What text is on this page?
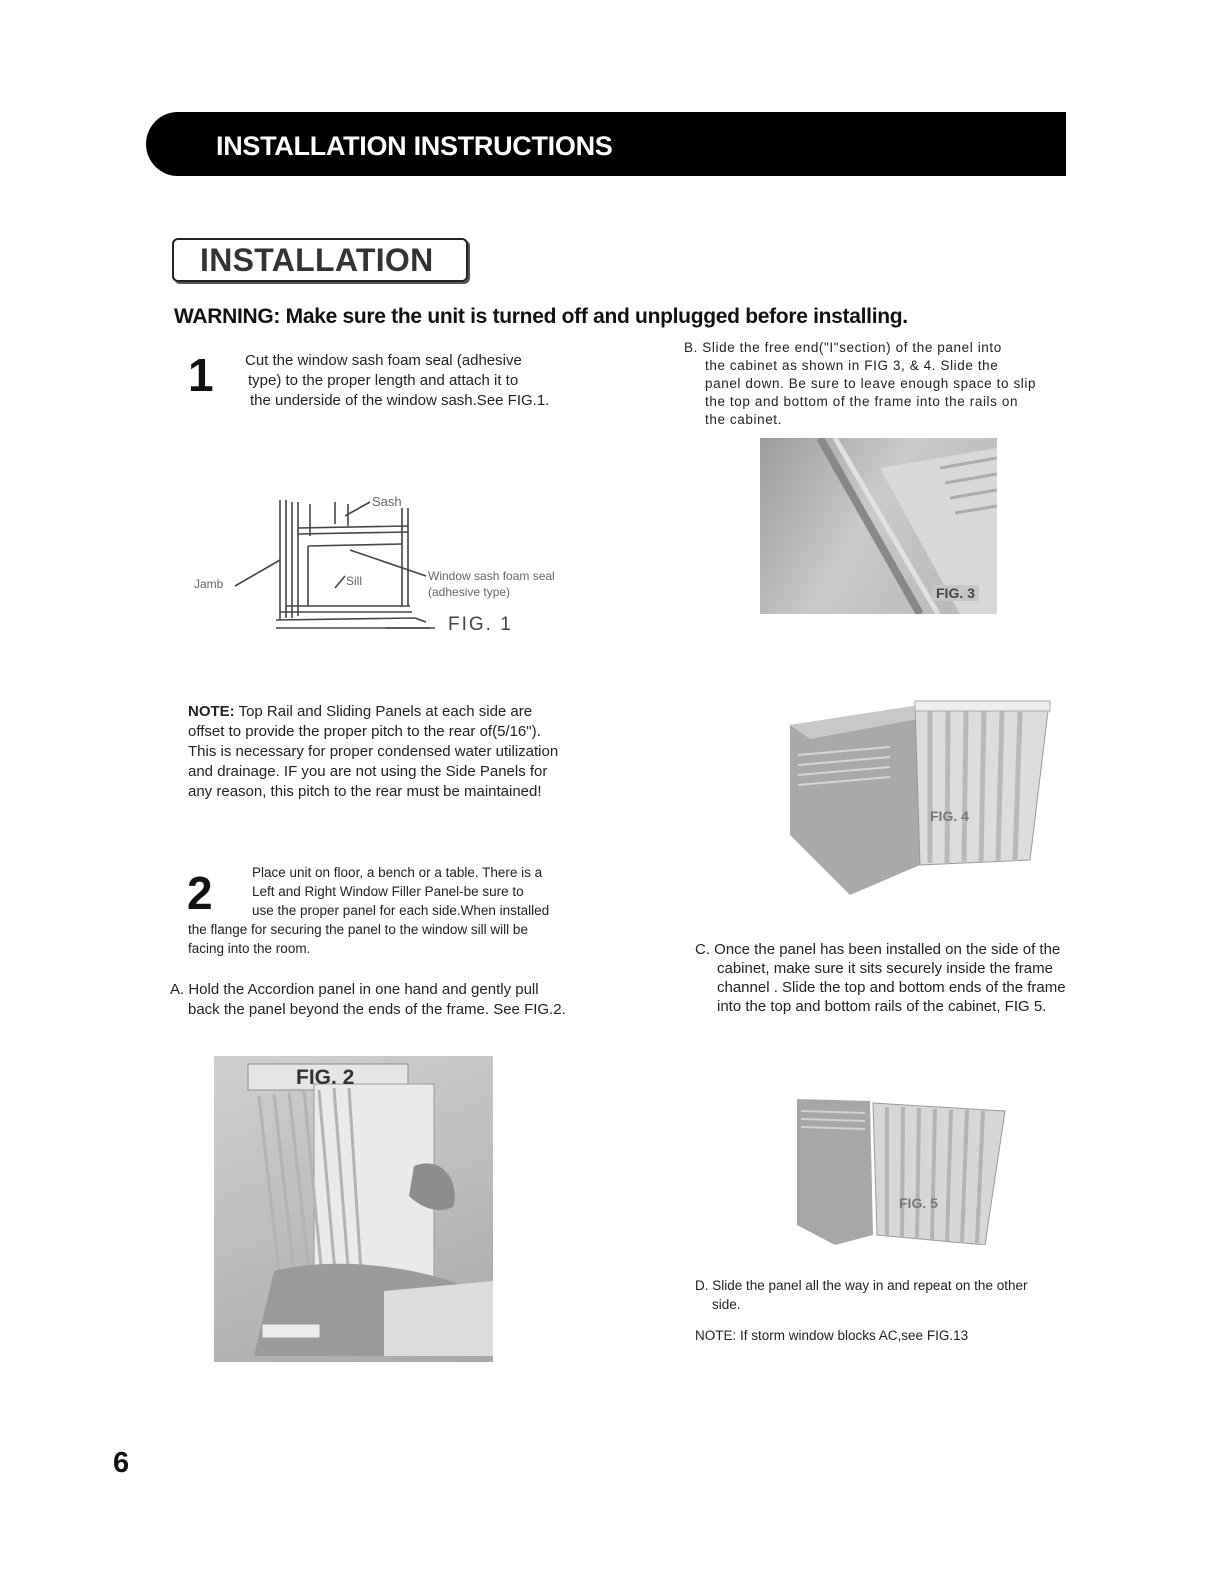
INSTALLATION INSTRUCTIONS
INSTALLATION
WARNING: Make sure the unit is turned off and unplugged before installing.
1 Cut the window sash foam seal (adhesive
type) to the proper length and attach it to
the underside of the window sash.See FIG.1.
Sash
Jamb	Sill	Window sash foam seal
(adhesive type)
FIG. 1
NOTE: Top Rail and Sliding Panels at each side are
offset to provide the proper pitch to the rear of(5/16").
This is necessary for proper condensed water utilization
and drainage. IF you are not using the Side Panels for
any reason, this pitch to the rear must be maintained!
2	Place unit on floor, a bench or a table. There is a
Left and Right Window Filler Panel-be sure to
use the proper panel for each side.When installed
the flange for securing the panel to the window sill will be
facing into the room.
A. Hold the Accordion panel in one hand and gently pull
back the panel beyond the ends of the frame. See FIG.2.
FIG. 2
B. Slide the free end("I"section) of the panel into
the cabinet as shown in FIG 3, & 4. Slide the
panel down. Be sure to leave enough space to slip
the top and bottom of the frame into the rails on
the cabinet.
FIG. 3
FIG. 4
C. Once the panel has been installed on the side of the
cabinet, make sure it sits securely inside the frame
channel . Slide the top and bottom ends of the frame
into the top and bottom rails of the cabinet, FIG 5.
FIG. 5
D. Slide the panel all the way in and repeat on the other
side.
NOTE: If storm window blocks AC,see FIG.13
6
